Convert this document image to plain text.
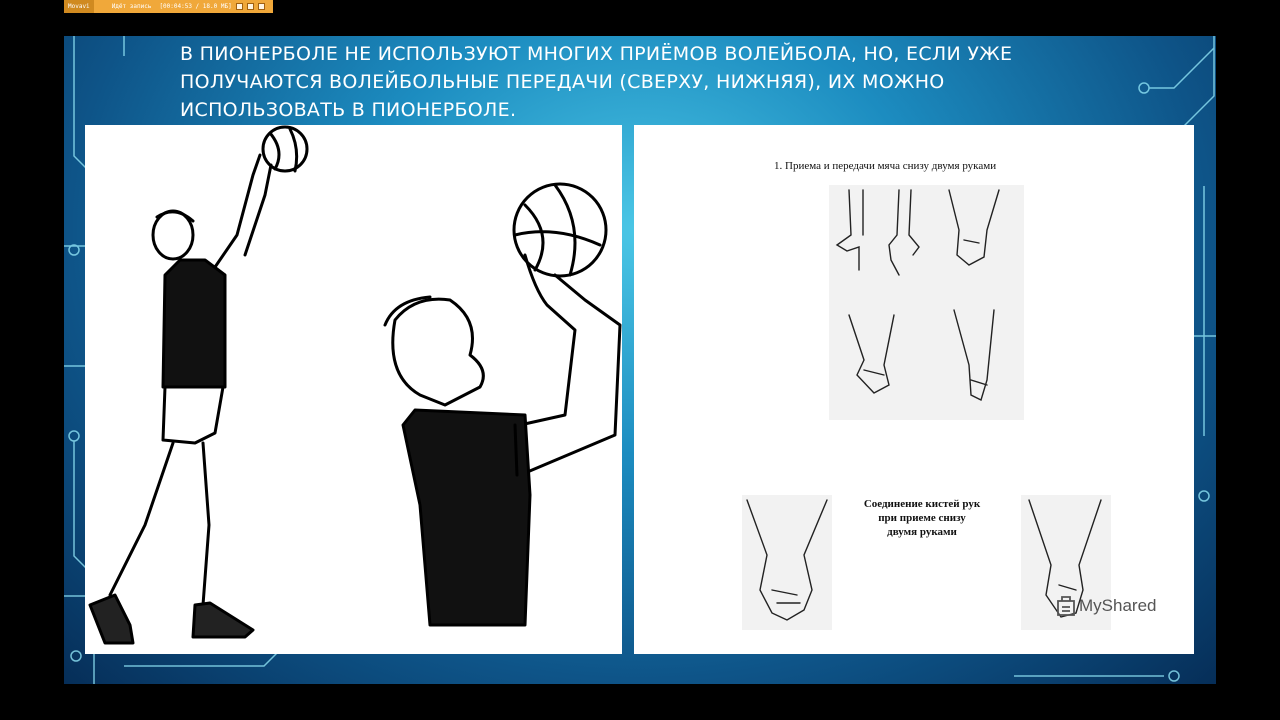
Movavi	Идёт запись [00:04:53 / 18.0 МБ]
В ПИОНЕРБОЛЕ НЕ ИСПОЛЬЗУЮТ МНОГИХ ПРИЁМОВ ВОЛЕЙБОЛА, НО, ЕСЛИ УЖЕ
ПОЛУЧАЮТСЯ ВОЛЕЙБОЛЬНЫЕ ПЕРЕДАЧИ (СВЕРХУ, НИЖНЯЯ), ИХ МОЖНО
ИСПОЛЬЗОВАТЬ В ПИОНЕРБОЛЕ.
1. Приема и передачи мяча снизу двумя руками
Соединение кистей рук
при приеме снизу
двумя руками
MyShared
